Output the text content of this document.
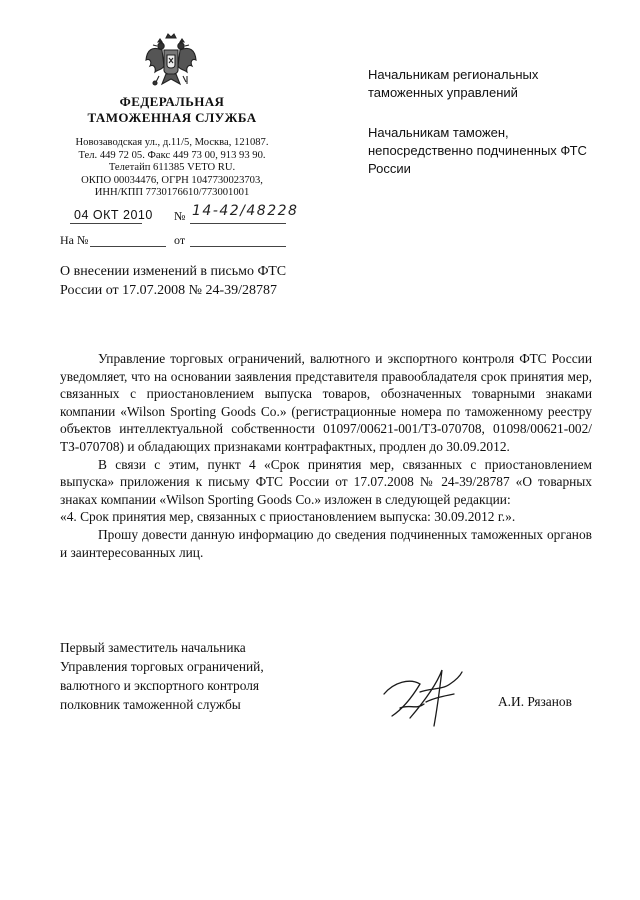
ФЕДЕРАЛЬНАЯ
ТАМОЖЕННАЯ СЛУЖБА
Новозаводская ул., д.11/5, Москва, 121087.
Тел. 449 72 05. Факс 449 73 00, 913 93 90.
Телетайп 611385 VETO RU.
ОКПО 00034476, ОГРН 1047730023703,
ИНН/КПП 7730176610/773001001
04 ОКТ 2010 № 14-42/48228
На №	от
Начальникам региональных таможенных управлений
Начальникам таможен, непосредственно подчиненных ФТС России
О внесении изменений в письмо ФТС России от 17.07.2008 № 24-39/28787

Управление торговых ограничений, валютного и экспортного контроля ФТС России уведомляет, что на основании заявления представителя правообладателя срок принятия мер, связанных с приостановлением выпуска товаров, обозначенных товарными знаками компании «Wilson Sporting Goods Co.» (регистрационные номера по таможенному реестру объектов интеллектуальной собственности 01097/00621-001/ТЗ-070708, 01098/00621-002/ТЗ-070708) и обладающих признаками контрафактных, продлен до 30.09.2012.

В связи с этим, пункт 4 «Срок принятия мер, связанных с приостановлением выпуска» приложения к письму ФТС России от 17.07.2008 № 24-39/28787 «О товарных знаках компании «Wilson Sporting Goods Co.» изложен в следующей редакции:

«4. Срок принятия мер, связанных с приостановлением выпуска: 30.09.2012 г.».

Прошу довести данную информацию до сведения подчиненных таможенных органов и заинтересованных лиц.

Первый заместитель начальника
Управления торговых ограничений,
валютного и экспортного контроля
полковник таможенной службы	А.И. Рязанов
